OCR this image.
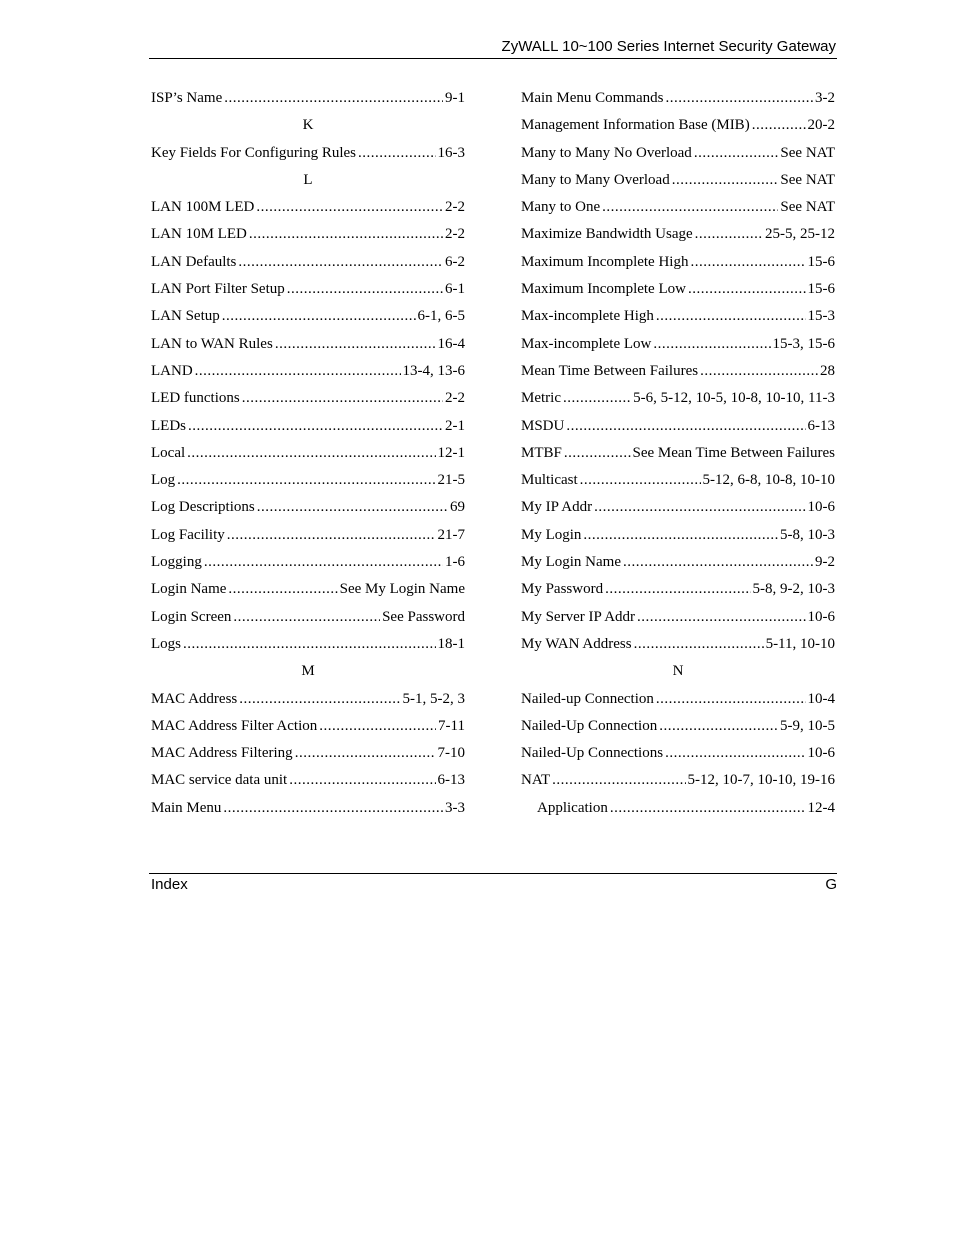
ZyWALL 10~100 Series Internet Security Gateway
ISP’s Name .....	9-1
K
Key Fields For Configuring Rules .....	16-3
L
LAN 100M LED .....	2-2
LAN 10M LED .....	2-2
LAN Defaults .....	6-2
LAN Port Filter Setup .....	6-1
LAN Setup .....	6-1, 6-5
LAN to WAN Rules .....	16-4
LAND .....	13-4, 13-6
LED functions .....	2-2
LEDs .....	2-1
Local .....	12-1
Log .....	21-5
Log Descriptions .....	69
Log Facility .....	21-7
Logging .....	1-6
Login Name .....	See My Login Name
Login Screen .....	See Password
Logs .....	18-1
M
MAC Address .....	5-1, 5-2, 3
MAC Address Filter Action .....	7-11
MAC Address Filtering .....	7-10
MAC service data unit .....	6-13
Main Menu .....	3-3
Main Menu Commands .....	3-2
Management Information Base (MIB) .....	20-2
Many to Many No Overload .....	See NAT
Many to Many Overload .....	See NAT
Many to One .....	See NAT
Maximize Bandwidth Usage .....	25-5, 25-12
Maximum Incomplete High .....	15-6
Maximum Incomplete Low .....	15-6
Max-incomplete High .....	15-3
Max-incomplete Low .....	15-3, 15-6
Mean Time Between Failures .....	28
Metric .....	5-6, 5-12, 10-5, 10-8, 10-10, 11-3
MSDU .....	6-13
MTBF .....	See Mean Time Between Failures
Multicast .....	5-12, 6-8, 10-8, 10-10
My IP Addr .....	10-6
My Login .....	5-8, 10-3
My Login Name .....	9-2
My Password .....	5-8, 9-2, 10-3
My Server IP Addr .....	10-6
My WAN Address .....	5-11, 10-10
N
Nailed-up Connection .....	10-4
Nailed-Up Connection .....	5-9, 10-5
Nailed-Up Connections .....	10-6
NAT .....	5-12, 10-7, 10-10, 19-16
Application .....	12-4
Index	G
